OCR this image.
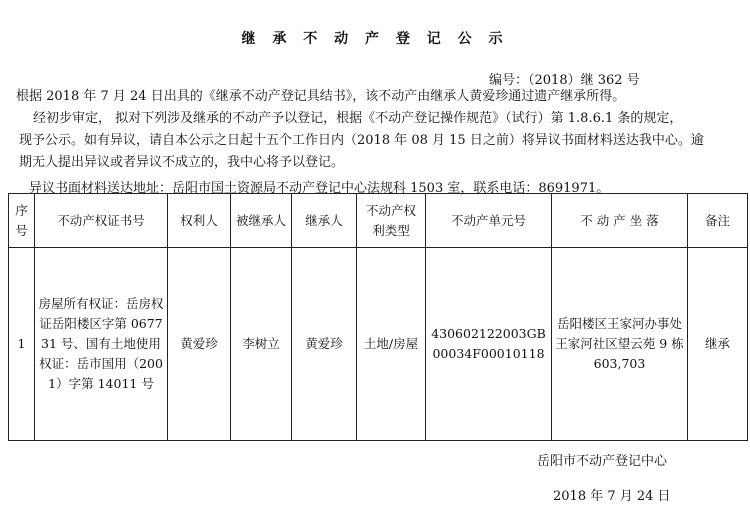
继 承 不 动 产 登 记 公 示
编号：（2018）继 362 号
根据 2018 年 7 月 24 日出具的《继承不动产登记具结书》，该不动产由继承人黄爱珍通过遗产继承所得。
经初步审定， 拟对下列涉及继承的不动产予以登记，根据《不动产登记操作规范》（试行）第 1.8.6.1 条的规定，
现予公示。如有异议，请自本公示之日起十五个工作日内（2018 年 08 月 15 日之前）将异议书面材料送达我中心。逾
期无人提出异议或者异议不成立的，我中心将予以登记。
异议书面材料送达地址：岳阳市国土资源局不动产登记中心法规科 1503 室，联系电话：8691971。
序号	不动产权证书号	权利人	被继承人	继承人	不动产权利类型	不动产单元号	不 动 产 坐 落	备注
1	房屋所有权证：岳房权证岳阳楼区字第 067731 号、国有土地使用权证：岳市国用（2001）字第 14011 号	黄爱珍	李树立	黄爱珍	土地/房屋	430602122003GB00034F00010118	岳阳楼区王家河办事处王家河社区望云苑 9 栋 603,703	继承
岳阳市不动产登记中心
2018 年 7 月 24 日
